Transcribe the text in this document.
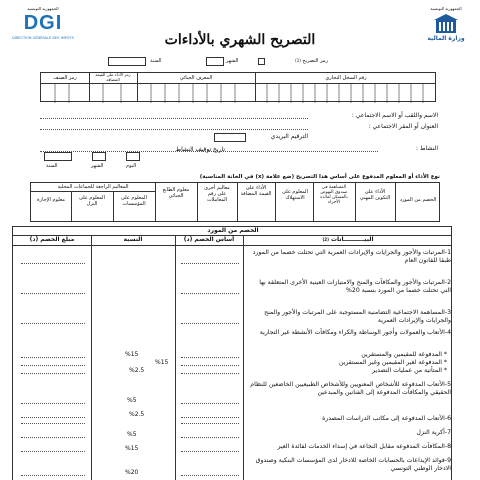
الجمهورية التونسية
DGI
DIRECTION GÉNÉRALE DES IMPÔTS
الجمهورية التونسية
وزارة المالية
التصريح الشهري بالأداءات
رمز التصريح (1)
الشهر
السنة
رقم السجل التجاري
المعرف الجبائي
رمز الأداء على القيمة المضافة
رمز الصنف
الاسم واللقب أو الاسم الاجتماعي :
العنوان أو المقر الاجتماعي :
النشاط :
الترقيم البريدي
تاريخ توقيف النشاط
اليوم
الشهر
السنة
نوع الأداء أو المعلوم المدفوع على أساس هذا التصريح (ضع علامة (x) في الخانة المناسبة)
المعاليم الراجعة للجماعات المحلية
الخصم من المورد
الأداء على التكوين المهني
المساهمة في صندوق النهوض بالمسكن لفائدة الأجراء
المعلوم على الاستهلاك
الأداء على القيمة المضافة
معاليم أخرى على رقم المعاملات
معلوم الطابع الجبائي
المعلوم على المؤسسات
المعلوم على النزل
معلوم الإجازة
الخصم من المورد
البيــــــــــانات (2)
أساس الخصم (د)
النسبة
مبلغ الخصم (د)
1-المرتبات والأجور والجرايات والإيرادات العمرية التي تحتلت خصما من المورد طبقا للقانون العام
2-المرتبات والأجور والمكافآت والمنح والامتيازات العينية الأخرى المتعلقة بها التي تحتلت خصما من المورد بنسبة 20%
3-المساهمة الاجتماعية التضامنية المستوجبة على المرتبات والأجور والمنح والجرايات والإيرادات العمرية
4-الأتعاب والعمولات وأجور الوساطة والكراء ومكافآت الأنشطة غير التجارية
* المدفوعة للمقيمين والمستقرين
* المدفوعة لغير المقيمين وغير المستقرين
* المتأتية من عمليات التصدير
5-الأتعاب المدفوعة للأشخاص المعنويين وللأشخاص الطبيعيين الخاضعين للنظام الحقيقي والمكافآت المدفوعة إلى الفنانين والمبدعين
6-الأتعاب المدفوعة إلى مكاتب الدراسات المصدرة
7-أكرية النزل
8-المكافآت المدفوعة مقابل النجاعة في إسداء الخدمات لفائدة الغير
9-فوائد الإيداعات بالحسابات الخاصة للادخار لدى المؤسسات البنكية وصندوق الادخار الوطني التونسي
%15
%15
%2.5
%5
%2.5
%5
%15
%20
